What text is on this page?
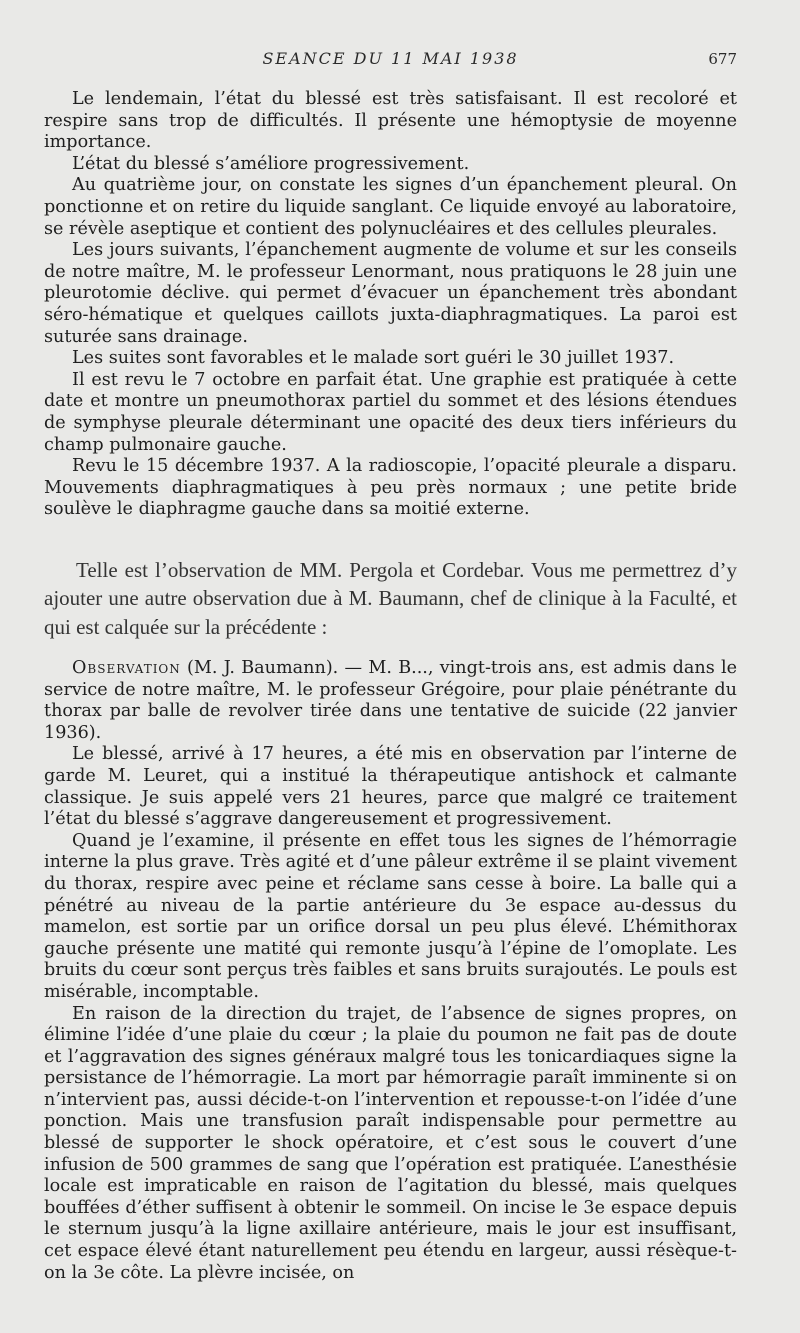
SEANCE DU 11 MAI 1938	677

Le lendemain, l’état du blessé est très satisfaisant. Il est recoloré et respire sans trop de difficultés. Il présente une hémoptysie de moyenne importance.

L’état du blessé s’améliore progressivement.

Au quatrième jour, on constate les signes d’un épanchement pleural. On ponctionne et on retire du liquide sanglant. Ce liquide envoyé au laboratoire, se révèle aseptique et contient des polynucléaires et des cellules pleurales.

Les jours suivants, l’épanchement augmente de volume et sur les conseils de notre maître, M. le professeur Lenormant, nous pratiquons le 28 juin une pleurotomie déclive. qui permet d’évacuer un épanchement très abondant séro-hématique et quelques caillots juxta-diaphragmatiques. La paroi est suturée sans drainage.

Les suites sont favorables et le malade sort guéri le 30 juillet 1937.

Il est revu le 7 octobre en parfait état. Une graphie est pratiquée à cette date et montre un pneumothorax partiel du sommet et des lésions étendues de symphyse pleurale déterminant une opacité des deux tiers inférieurs du champ pulmonaire gauche.

Revu le 15 décembre 1937. A la radioscopie, l’opacité pleurale a disparu. Mouvements diaphragmatiques à peu près normaux ; une petite bride soulève le diaphragme gauche dans sa moitié externe.

Telle est l’observation de MM. Pergola et Cordebar. Vous me permettrez d’y ajouter une autre observation due à M. Baumann, chef de clinique à la Faculté, et qui est calquée sur la précédente :

Observation (M. J. Baumann). — M. B..., vingt-trois ans, est admis dans le service de notre maître, M. le professeur Grégoire, pour plaie pénétrante du thorax par balle de revolver tirée dans une tentative de suicide (22 janvier 1936).

Le blessé, arrivé à 17 heures, a été mis en observation par l’interne de garde M. Leuret, qui a institué la thérapeutique antishock et calmante classique. Je suis appelé vers 21 heures, parce que malgré ce traitement l’état du blessé s’aggrave dangereusement et progressivement.

Quand je l’examine, il présente en effet tous les signes de l’hémorragie interne la plus grave. Très agité et d’une pâleur extrême il se plaint vivement du thorax, respire avec peine et réclame sans cesse à boire. La balle qui a pénétré au niveau de la partie antérieure du 3e espace au-dessus du mamelon, est sortie par un orifice dorsal un peu plus élevé. L’hémithorax gauche présente une matité qui remonte jusqu’à l’épine de l’omoplate. Les bruits du cœur sont perçus très faibles et sans bruits surajoutés. Le pouls est misérable, incomptable.

En raison de la direction du trajet, de l’absence de signes propres, on élimine l’idée d’une plaie du cœur ; la plaie du poumon ne fait pas de doute et l’aggravation des signes généraux malgré tous les tonicardiaques signe la persistance de l’hémorragie. La mort par hémorragie paraît imminente si on n’intervient pas, aussi décide-t-on l’intervention et repousse-t-on l’idée d’une ponction. Mais une transfusion paraît indispensable pour permettre au blessé de supporter le shock opératoire, et c’est sous le couvert d’une infusion de 500 grammes de sang que l’opération est pratiquée. L’anesthésie locale est impraticable en raison de l’agitation du blessé, mais quelques bouffées d’éther suffisent à obtenir le sommeil. On incise le 3e espace depuis le sternum jusqu’à la ligne axillaire antérieure, mais le jour est insuffisant, cet espace élevé étant naturellement peu étendu en largeur, aussi résèque-t-on la 3e côte. La plèvre incisée, on
